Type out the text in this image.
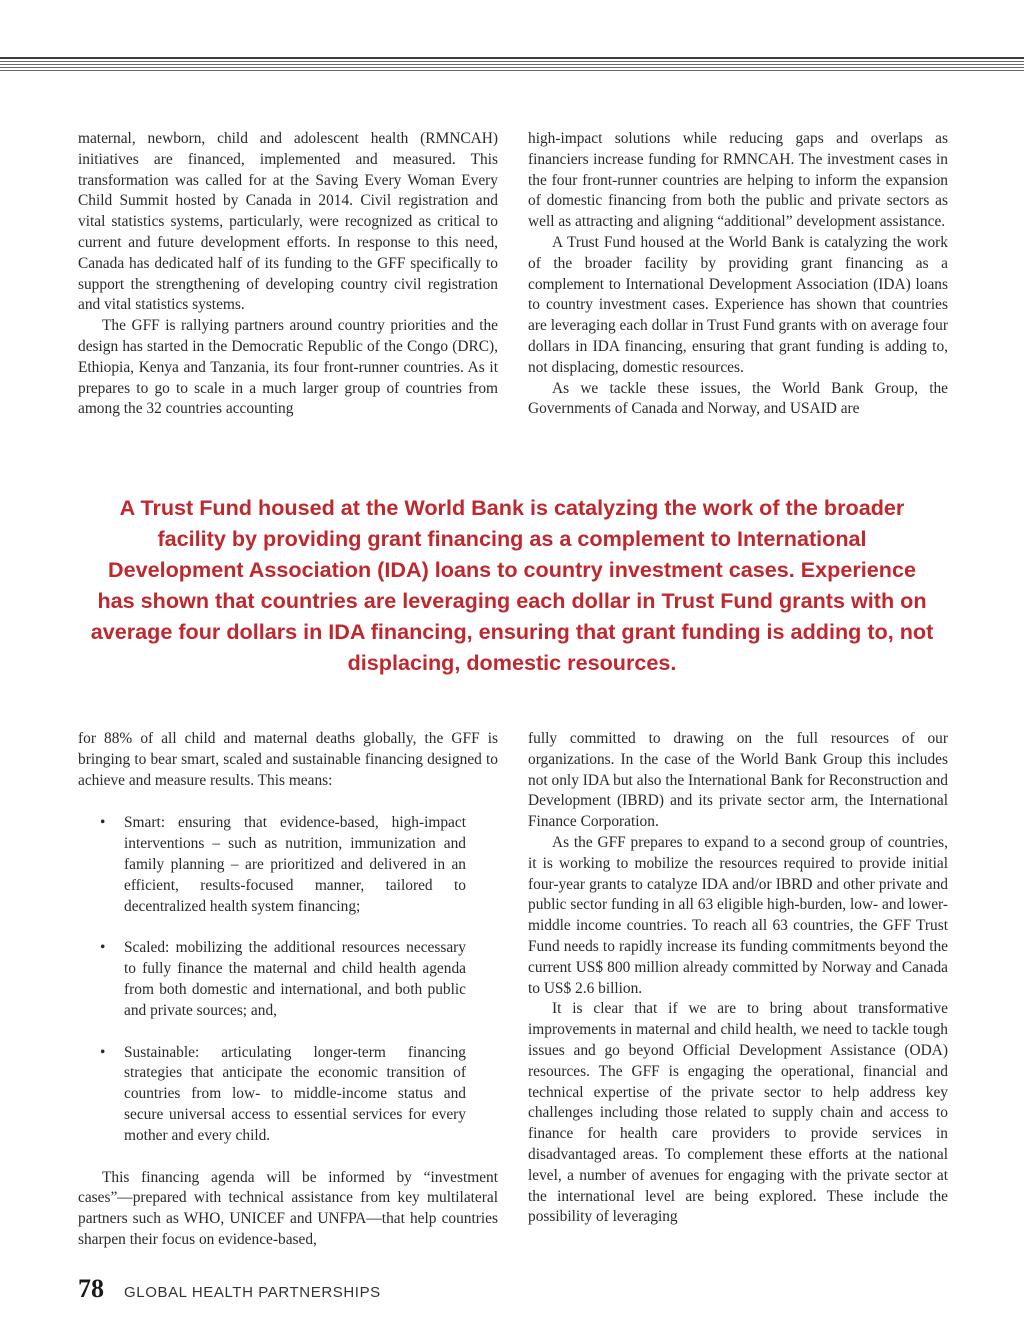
maternal, newborn, child and adolescent health (RMNCAH) initiatives are financed, implemented and measured. This transformation was called for at the Saving Every Woman Every Child Summit hosted by Canada in 2014. Civil registration and vital statistics systems, particularly, were recognized as critical to current and future development efforts. In response to this need, Canada has dedicated half of its funding to the GFF specifically to support the strengthening of developing country civil registration and vital statistics systems.

The GFF is rallying partners around country priorities and the design has started in the Democratic Republic of the Congo (DRC), Ethiopia, Kenya and Tanzania, its four front-runner countries. As it prepares to go to scale in a much larger group of countries from among the 32 countries accounting

high-impact solutions while reducing gaps and overlaps as financiers increase funding for RMNCAH. The investment cases in the four front-runner countries are helping to inform the expansion of domestic financing from both the public and private sectors as well as attracting and aligning “additional” development assistance.

A Trust Fund housed at the World Bank is catalyzing the work of the broader facility by providing grant financing as a complement to International Development Association (IDA) loans to country investment cases. Experience has shown that countries are leveraging each dollar in Trust Fund grants with on average four dollars in IDA financing, ensuring that grant funding is adding to, not displacing, domestic resources.

As we tackle these issues, the World Bank Group, the Governments of Canada and Norway, and USAID are

A Trust Fund housed at the World Bank is catalyzing the work of the broader facility by providing grant financing as a complement to International Development Association (IDA) loans to country investment cases. Experience has shown that countries are leveraging each dollar in Trust Fund grants with on average four dollars in IDA financing, ensuring that grant funding is adding to, not displacing, domestic resources.

for 88% of all child and maternal deaths globally, the GFF is bringing to bear smart, scaled and sustainable financing designed to achieve and measure results. This means:

• Smart: ensuring that evidence-based, high-impact interventions – such as nutrition, immunization and family planning – are prioritized and delivered in an efficient, results-focused manner, tailored to decentralized health system financing;
• Scaled: mobilizing the additional resources necessary to fully finance the maternal and child health agenda from both domestic and international, and both public and private sources; and,
• Sustainable: articulating longer-term financing strategies that anticipate the economic transition of countries from low- to middle-income status and secure universal access to essential services for every mother and every child.

This financing agenda will be informed by “investment cases”—prepared with technical assistance from key multilateral partners such as WHO, UNICEF and UNFPA—that help countries sharpen their focus on evidence-based,

fully committed to drawing on the full resources of our organizations. In the case of the World Bank Group this includes not only IDA but also the International Bank for Reconstruction and Development (IBRD) and its private sector arm, the International Finance Corporation.

As the GFF prepares to expand to a second group of countries, it is working to mobilize the resources required to provide initial four-year grants to catalyze IDA and/or IBRD and other private and public sector funding in all 63 eligible high-burden, low- and lower-middle income countries. To reach all 63 countries, the GFF Trust Fund needs to rapidly increase its funding commitments beyond the current US$ 800 million already committed by Norway and Canada to US$ 2.6 billion.

It is clear that if we are to bring about transformative improvements in maternal and child health, we need to tackle tough issues and go beyond Official Development Assistance (ODA) resources. The GFF is engaging the operational, financial and technical expertise of the private sector to help address key challenges including those related to supply chain and access to finance for health care providers to provide services in disadvantaged areas. To complement these efforts at the national level, a number of avenues for engaging with the private sector at the international level are being explored. These include the possibility of leveraging

78 GLOBAL HEALTH PARTNERSHIPS
